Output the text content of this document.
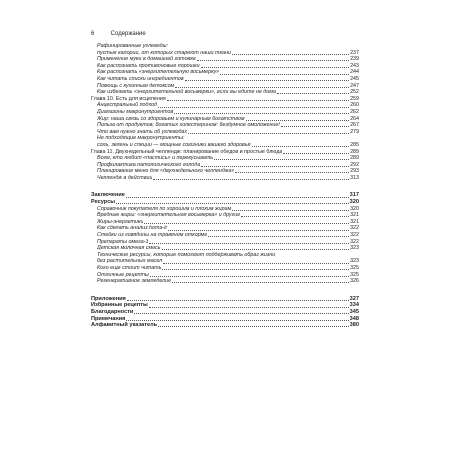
6	Содержание
Рафинированные углеводы:
пустые калории, от которых стареют наши ткани	237
Применение муки в домашней готовке	239
Как распознать противоновые порошки	243
Как распознать «энергитетельную восьмерку»	244
Как читать списки ингредиентов	245
Помощь с кухонным детоксом	247
Как избежать «энергитетельной восьмерки», если вы едите не дома	252
Глава 10. Есть для исцеления	259
Анцестральный подход	260
Диапазоны макронутриентов	262
Жир: наша связь со здоровьем и кулинарным богатством	264
Польза от продуктов, богатых холестерином: бездумное омоложение!	267
Что вам нужно знать об углеводах	279
Не подходящие макронутриенты:
соль, зелень и специи — мощные союзники вашего здоровья	285
Глава 11. Двухнедельный челлендж: планирование обедов и простые блюда	289
Всем, кто любит «пастись» и перекусывать	289
Профилактика патологического голода	292
Планирование меню для «двухнедельного челленджа»	293
Челлендж в действии	313
Заключение	317
Ресурсы	320
Справочник покупателя по хорошим и плохим жирам	320
Вредные жиры: «энергитетельная восьмерка» и другие	321
Жиры-энергетики	321
Как сделать анализ homa-ir	322
Стейки из говядины на травяном откорме	322
Препараты омега-3	322
Детская молочная смесь	323
Технические ресурсы, которые помогают поддерживать образ жизни
без растительных масел	323
Кого еще стоит читать	325
Отличные рецепты	325
Регенеративное земледелие	326
Приложения	327
Избранные рецепты	334
Благодарности	345
Примечания	348
Алфавитный указатель	380
